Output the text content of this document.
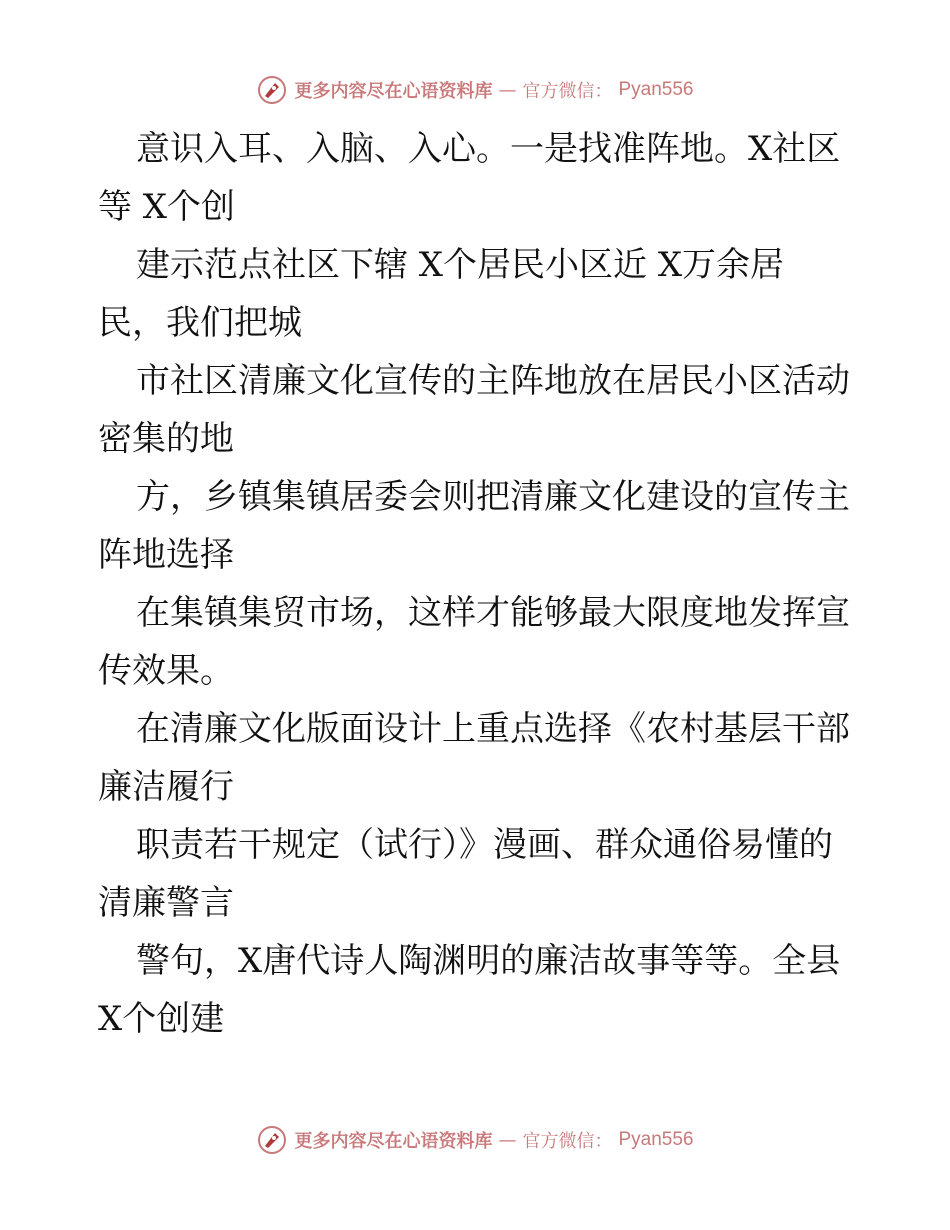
更多内容尽在心语资料库 — 官方微信： Pyan556
意识入耳、入脑、入心。一是找准阵地。X社区
等 X个创
建示范点社区下辖 X个居民小区近 X万余居
民，我们把城
市社区清廉文化宣传的主阵地放在居民小区活动
密集的地
方，乡镇集镇居委会则把清廉文化建设的宣传主
阵地选择
在集镇集贸市场，这样才能够最大限度地发挥宣
传效果。
在清廉文化版面设计上重点选择《农村基层干部
廉洁履行
职责若干规定（试行）》漫画、群众通俗易懂的
清廉警言
警句，X唐代诗人陶渊明的廉洁故事等等。全县
X个创建
更多内容尽在心语资料库 — 官方微信： Pyan556
